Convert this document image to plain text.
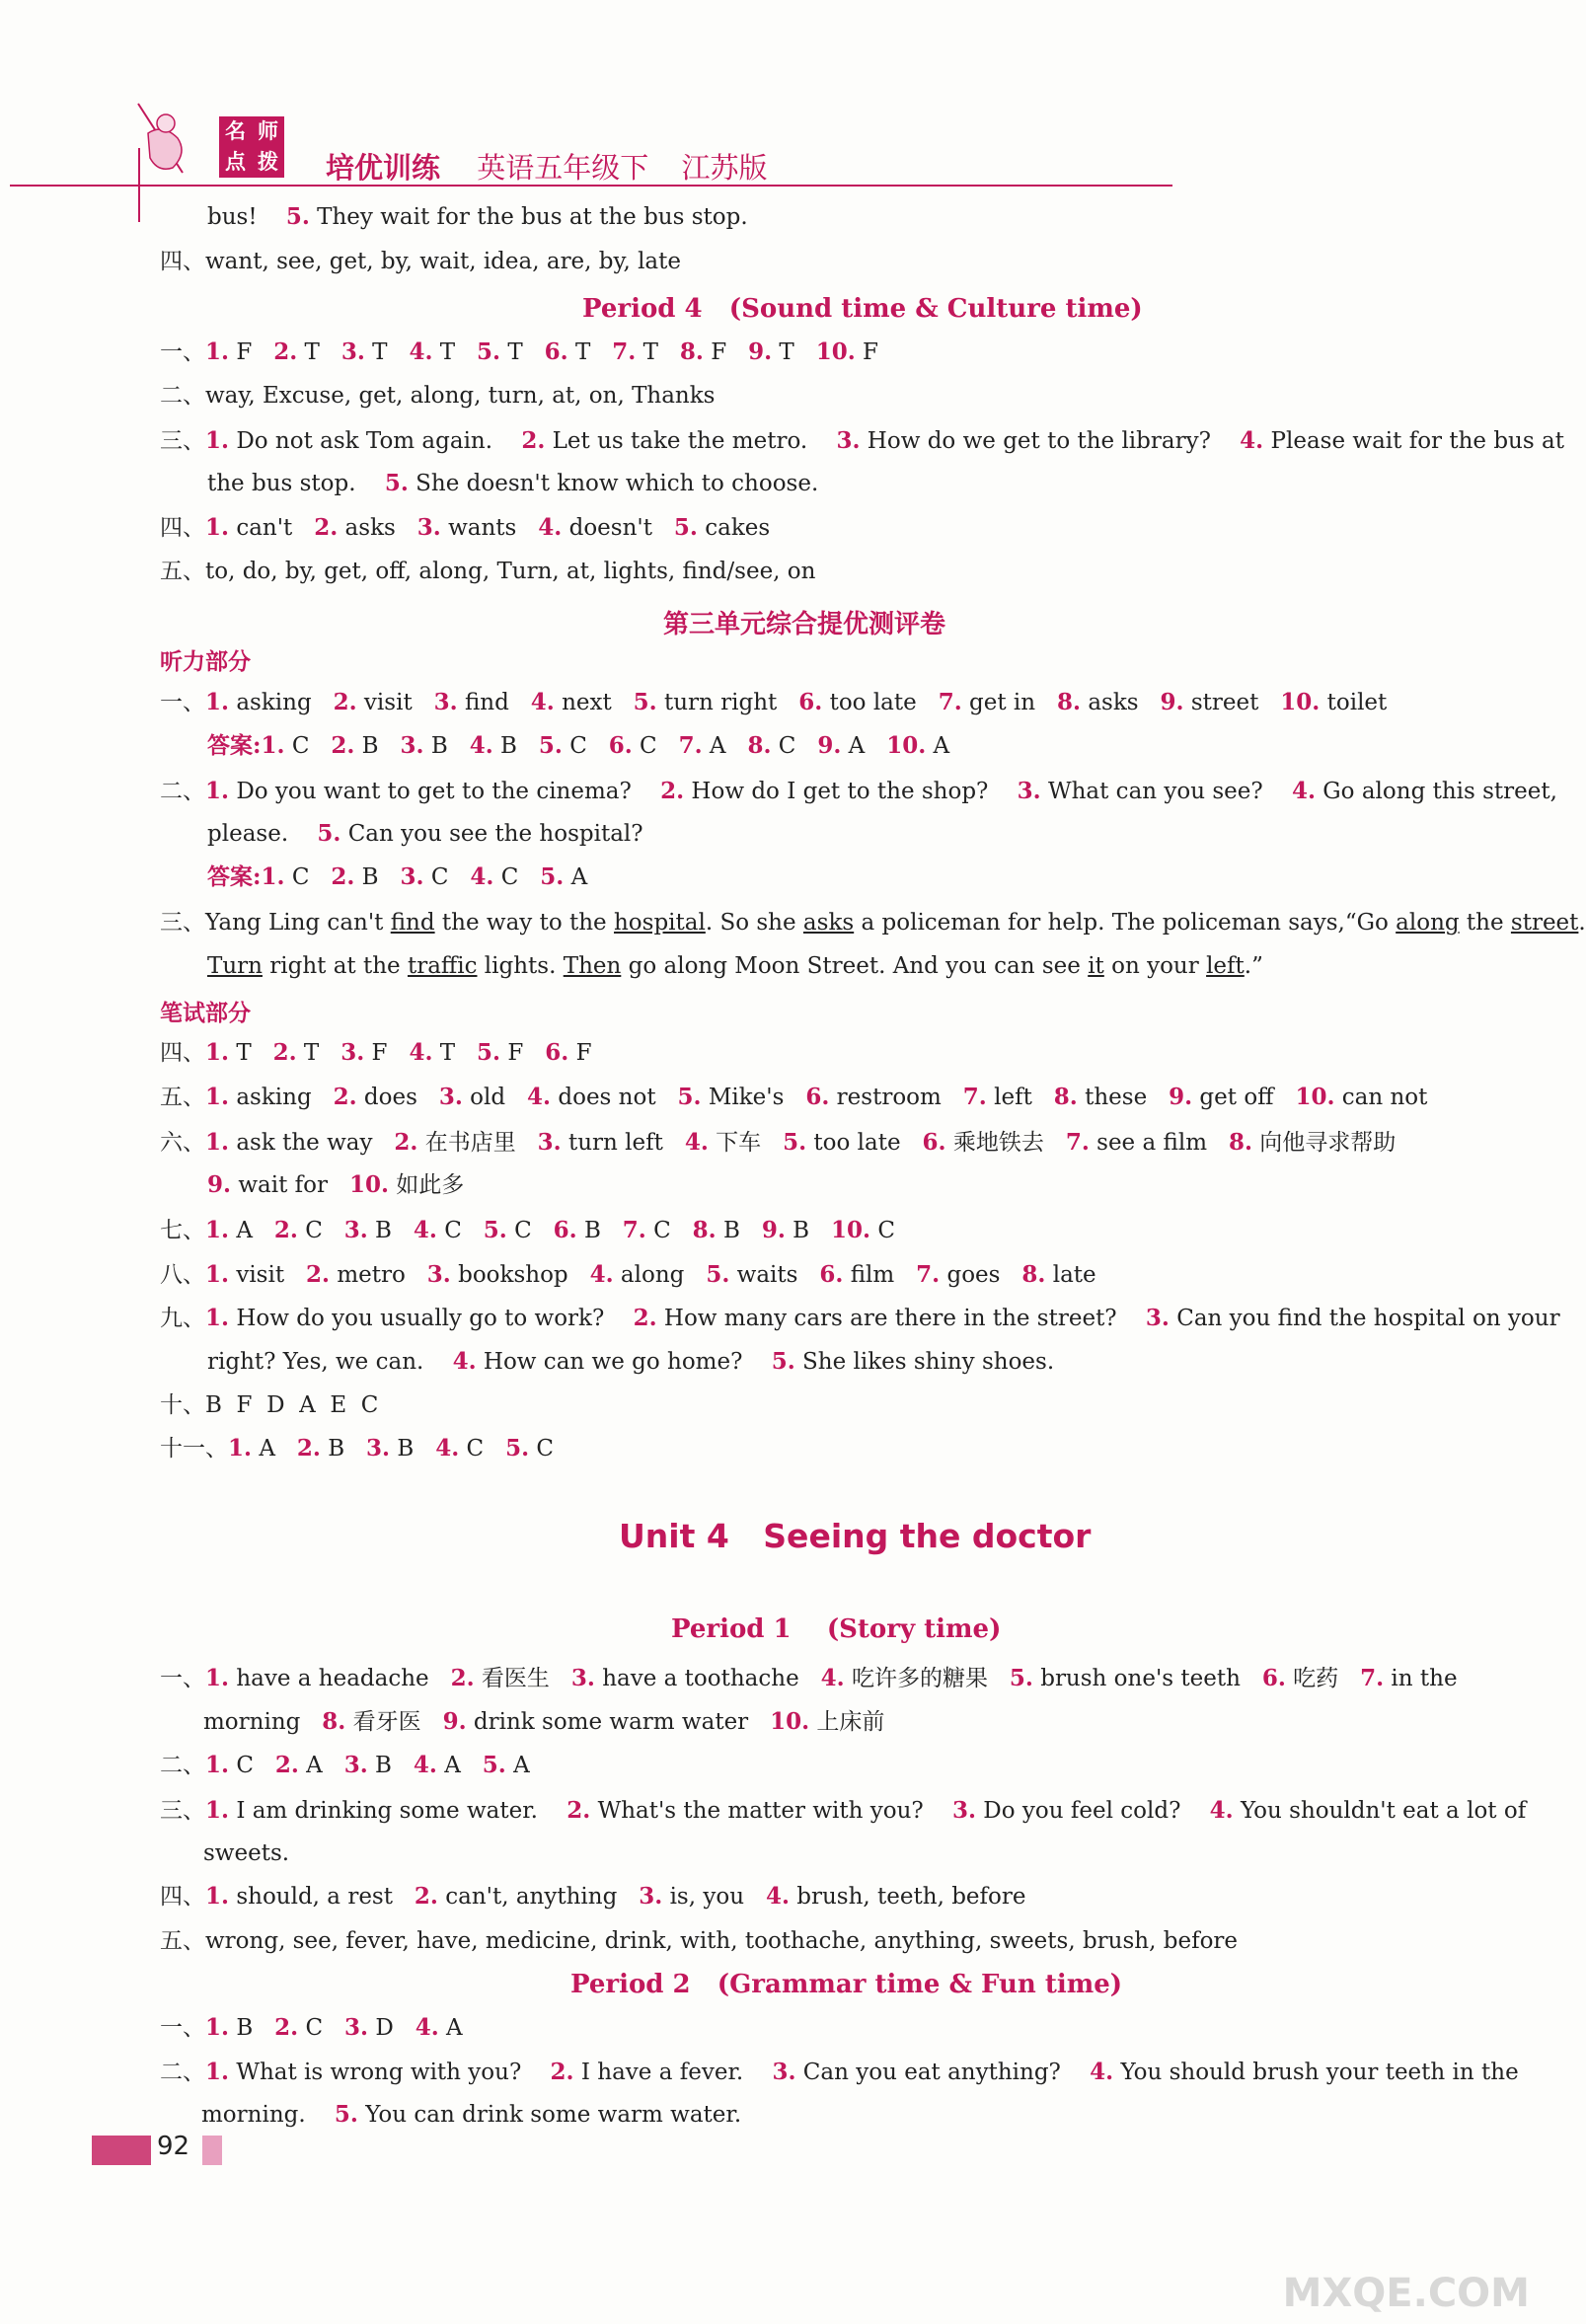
名 师
点 拨 培优训练 英语五年级下 江苏版
bus!    5. They wait for the bus at the bus stop.
四、want, see, get, by, wait, idea, are, by, late
Period 4   (Sound time & Culture time)
一、1. F   2. T   3. T   4. T   5. T   6. T   7. T   8. F   9. T   10. F
二、way, Excuse, get, along, turn, at, on, Thanks
三、1. Do not ask Tom again.    2. Let us take the metro.    3. How do we get to the library?    4. Please wait for the bus at
the bus stop.    5. She doesn't know which to choose.
四、1. can't   2. asks   3. wants   4. doesn't   5. cakes
五、to, do, by, get, off, along, Turn, at, lights, find/see, on
第三单元综合提优测评卷
听力部分
一、1. asking   2. visit   3. find   4. next   5. turn right   6. too late   7. get in   8. asks   9. street   10. toilet
答案:1. C   2. B   3. B   4. B   5. C   6. C   7. A   8. C   9. A   10. A
二、1. Do you want to get to the cinema?    2. How do I get to the shop?    3. What can you see?    4. Go along this street,
please.    5. Can you see the hospital?
答案:1. C   2. B   3. C   4. C   5. A
三、Yang Ling can't find the way to the hospital. So she asks a policeman for help. The policeman says,“Go along the street.
Turn right at the traffic lights. Then go along Moon Street. And you can see it on your left.”
笔试部分
四、1. T   2. T   3. F   4. T   5. F   6. F
五、1. asking   2. does   3. old   4. does not   5. Mike's   6. restroom   7. left   8. these   9. get off   10. can not
六、1. ask the way   2. 在书店里   3. turn left   4. 下车   5. too late   6. 乘地铁去   7. see a film   8. 向他寻求帮助
9. wait for   10. 如此多
七、1. A   2. C   3. B   4. C   5. C   6. B   7. C   8. B   9. B   10. C
八、1. visit   2. metro   3. bookshop   4. along   5. waits   6. film   7. goes   8. late
九、1. How do you usually go to work?    2. How many cars are there in the street?    3. Can you find the hospital on your
right? Yes, we can.    4. How can we go home?    5. She likes shiny shoes.
十、B  F  D  A  E  C
十一、1. A   2. B   3. B   4. C   5. C
Unit 4   Seeing the doctor
Period 1    (Story time)
一、1. have a headache   2. 看医生   3. have a toothache   4. 吃许多的糖果   5. brush one's teeth   6. 吃药   7. in the
morning   8. 看牙医   9. drink some warm water   10. 上床前
二、1. C   2. A   3. B   4. A   5. A
三、1. I am drinking some water.    2. What's the matter with you?    3. Do you feel cold?    4. You shouldn't eat a lot of
sweets.
四、1. should, a rest   2. can't, anything   3. is, you   4. brush, teeth, before
五、wrong, see, fever, have, medicine, drink, with, toothache, anything, sweets, brush, before
Period 2   (Grammar time & Fun time)
一、1. B   2. C   3. D   4. A
二、1. What is wrong with you?    2. I have a fever.    3. Can you eat anything?    4. You should brush your teeth in the
morning.    5. You can drink some warm water.
92
MXQE.COM
